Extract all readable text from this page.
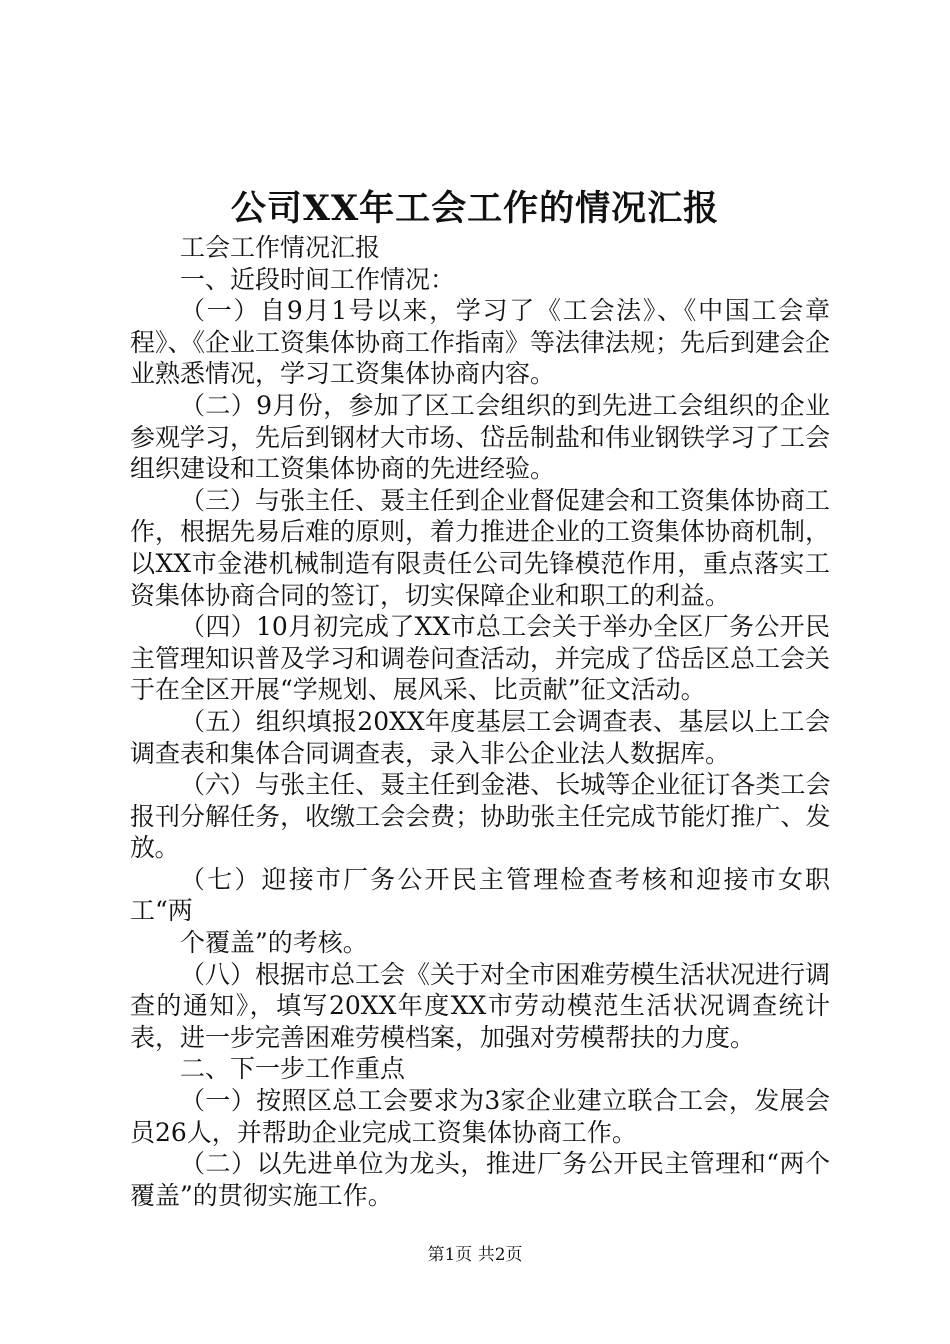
公司XX年工会工作的情况汇报

工会工作情况汇报

一、近段时间工作情况：

（一）自9月1号以来，学习了《工会法》、《中国工会章程》、《企业工资集体协商工作指南》等法律法规；先后到建会企业熟悉情况，学习工资集体协商内容。

（二）9月份，参加了区工会组织的到先进工会组织的企业参观学习，先后到钢材大市场、岱岳制盐和伟业钢铁学习了工会组织建设和工资集体协商的先进经验。

（三）与张主任、聂主任到企业督促建会和工资集体协商工作，根据先易后难的原则，着力推进企业的工资集体协商机制，以XX市金港机械制造有限责任公司先锋模范作用，重点落实工资集体协商合同的签订，切实保障企业和职工的利益。

（四）10月初完成了XX市总工会关于举办全区厂务公开民主管理知识普及学习和调卷问查活动，并完成了岱岳区总工会关于在全区开展“学规划、展风采、比贡献”征文活动。

（五）组织填报20XX年度基层工会调查表、基层以上工会调查表和集体合同调查表，录入非公企业法人数据库。

（六）与张主任、聂主任到金港、长城等企业征订各类工会报刊分解任务，收缴工会会费；协助张主任完成节能灯推广、发放。

（七）迎接市厂务公开民主管理检查考核和迎接市女职工“两

个覆盖”的考核。

（八）根据市总工会《关于对全市困难劳模生活状况进行调查的通知》，填写20XX年度XX市劳动模范生活状况调查统计表，进一步完善困难劳模档案，加强对劳模帮扶的力度。

二、下一步工作重点

（一）按照区总工会要求为3家企业建立联合工会，发展会员26人，并帮助企业完成工资集体协商工作。

（二）以先进单位为龙头，推进厂务公开民主管理和“两个覆盖”的贯彻实施工作。

第1页 共2页
